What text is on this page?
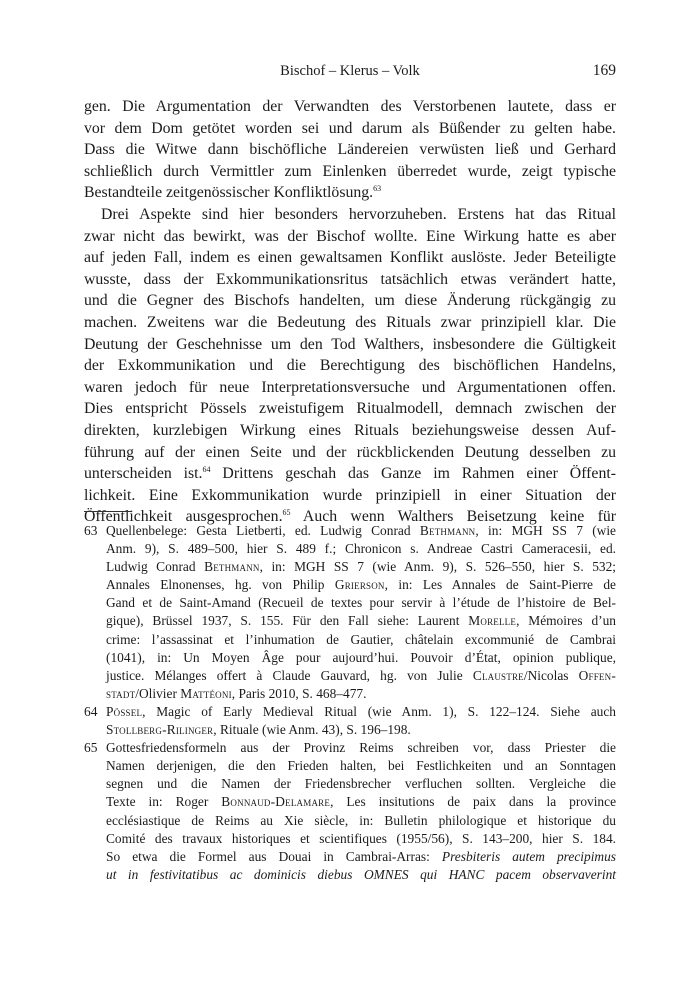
Bischof – Klerus – Volk	169
gen. Die Argumentation der Verwandten des Verstorbenen lautete, dass er
vor dem Dom getötet worden sei und darum als Büßender zu gelten habe.
Dass die Witwe dann bischöfliche Ländereien verwüsten ließ und Gerhard
schließlich durch Vermittler zum Einlenken überredet wurde, zeigt typische
Bestandteile zeitgenössischer Konfliktlösung.$^{63}$
Drei Aspekte sind hier besonders hervorzuheben. Erstens hat das Ritual
zwar nicht das bewirkt, was der Bischof wollte. Eine Wirkung hatte es aber
auf jeden Fall, indem es einen gewaltsamen Konflikt auslöste. Jeder Beteiligte
wusste, dass der Exkommunikationsritus tatsächlich etwas verändert hatte,
und die Gegner des Bischofs handelten, um diese Änderung rückgängig zu
machen. Zweitens war die Bedeutung des Rituals zwar prinzipiell klar. Die
Deutung der Geschehnisse um den Tod Walthers, insbesondere die Gültigkeit
der Exkommunikation und die Berechtigung des bischöflichen Handelns,
waren jedoch für neue Interpretationsversuche und Argumentationen offen.
Dies entspricht Pössels zweistufigem Ritualmodell, demnach zwischen der
direkten, kurzlebigen Wirkung eines Rituals beziehungsweise dessen Auf-
führung auf der einen Seite und der rückblickenden Deutung desselben zu
unterscheiden ist.$^{64}$ Drittens geschah das Ganze im Rahmen einer Öffent-
lichkeit. Eine Exkommunikation wurde prinzipiell in einer Situation der
Öffentlichkeit ausgesprochen.$^{65}$ Auch wenn Walthers Beisetzung keine für
63 Quellenbelege: Gesta Lietberti, ed. Ludwig Conrad Bethmann, in: MGH SS 7 (wie
Anm. 9), S. 489–500, hier S. 489 f.; Chronicon s. Andreae Castri Cameracesii, ed.
Ludwig Conrad Bethmann, in: MGH SS 7 (wie Anm. 9), S. 526–550, hier S. 532;
Annales Elnonenses, hg. von Philip Grierson, in: Les Annales de Saint-Pierre de
Gand et de Saint-Amand (Recueil de textes pour servir à l’étude de l’histoire de Bel-
gique), Brüssel 1937, S. 155. Für den Fall siehe: Laurent Morelle, Mémoires d’un
crime: l’assassinat et l’inhumation de Gautier, châtelain excommunié de Cambrai
(1041), in: Un Moyen Âge pour aujourd’hui. Pouvoir d’État, opinion publique,
justice. Mélanges offert à Claude Gauvard, hg. von Julie Claustre/Nicolas Offen-
stadt/Olivier Mattéoni, Paris 2010, S. 468–477.
64 Pössel, Magic of Early Medieval Ritual (wie Anm. 1), S. 122–124. Siehe auch
Stollberg-Rilinger, Rituale (wie Anm. 43), S. 196–198.
65 Gottesfriedensformeln aus der Provinz Reims schreiben vor, dass Priester die
Namen derjenigen, die den Frieden halten, bei Festlichkeiten und an Sonntagen
segnen und die Namen der Friedensbrecher verfluchen sollten. Vergleiche die
Texte in: Roger Bonnaud-Delamare, Les insitutions de paix dans la province
ecclésiastique de Reims au Xie siècle, in: Bulletin philologique et historique du
Comité des travaux historiques et scientifiques (1955/56), S. 143–200, hier S. 184.
So etwa die Formel aus Douai in Cambrai-Arras: Presbiteris autem precipimus
ut in festivitatibus ac dominicis diebus OMNES qui HANC pacem observaverint
